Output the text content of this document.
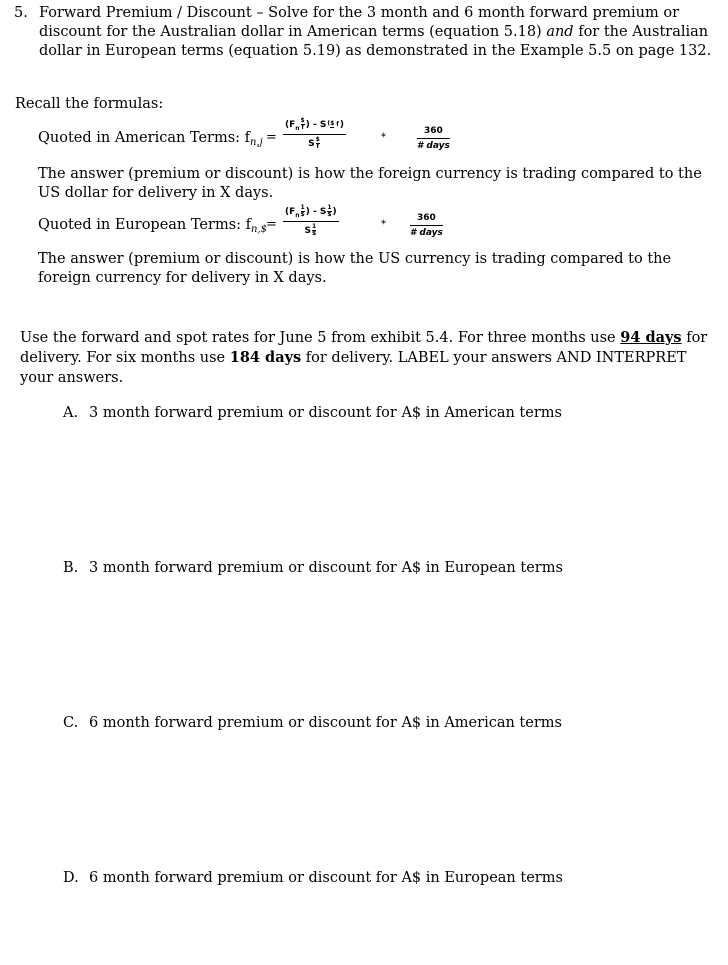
5. Forward Premium / Discount – Solve for the 3 month and 6 month forward premium or discount for the Australian dollar in American terms (equation 5.18) and for the Australian dollar in European terms (equation 5.19) as demonstrated in the Example 5.5 on page 132.
Recall the formulas:
Quoted in American Terms: $f_{n,j} = (F_n$
$
f ) - S($ f )
S $
f	*
360
# days
The answer (premium or discount) is how the foreign currency is trading compared to the US dollar for delivery in X days.
Quoted in European Terms: $f_{n,\$} = (F_n$
1
$ ) - S 1
$ )
S 1
$	*
360
# days
The answer (premium or discount) is how the US currency is trading compared to the foreign currency for delivery in X days.
Use the forward and spot rates for June 5 from exhibit 5.4. For three months use 94 days for delivery. For six months use 184 days for delivery. LABEL your answers AND INTERPRET your answers.
A. 3 month forward premium or discount for A$ in American terms
B. 3 month forward premium or discount for A$ in European terms
C. 6 month forward premium or discount for A$ in American terms
D. 6 month forward premium or discount for A$ in European terms
